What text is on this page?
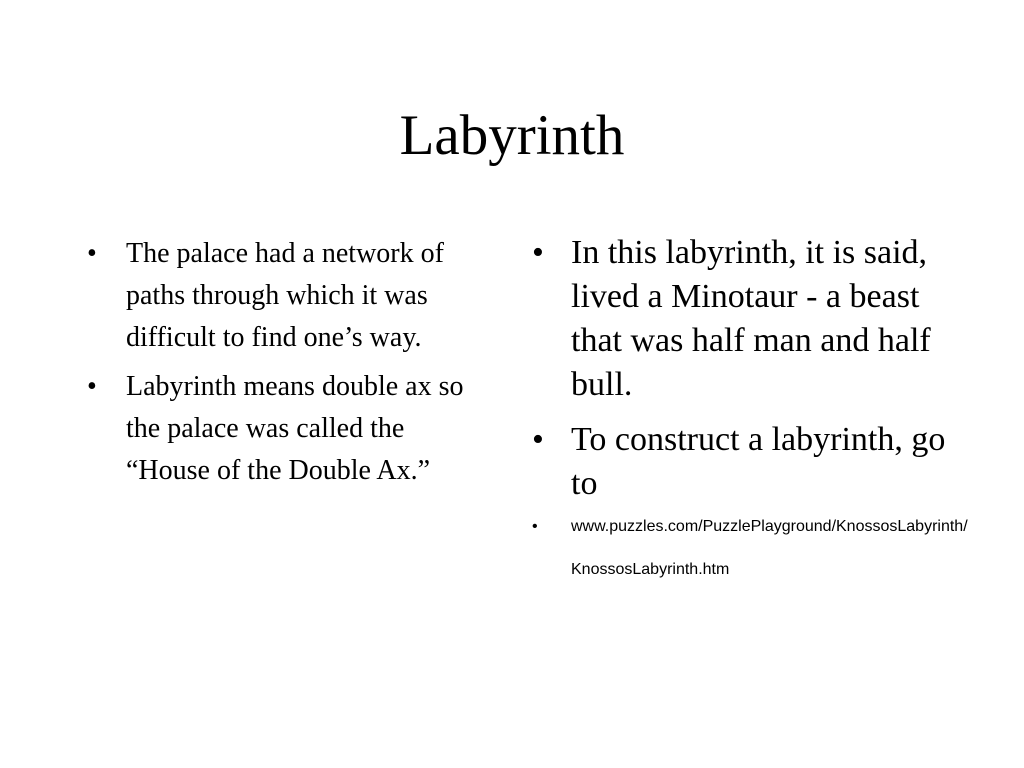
Labyrinth
• The palace had a network of paths through which it was difficult to find one’s way.
• Labyrinth means double ax so the palace was called the “House of the Double Ax.”
• In this labyrinth, it is said, lived a Minotaur - a beast that was half man and half bull.
• To construct a labyrinth, go to
• www.puzzles.com/PuzzlePlayground/KnossosLabyrinth/KnossosLabyrinth.htm
